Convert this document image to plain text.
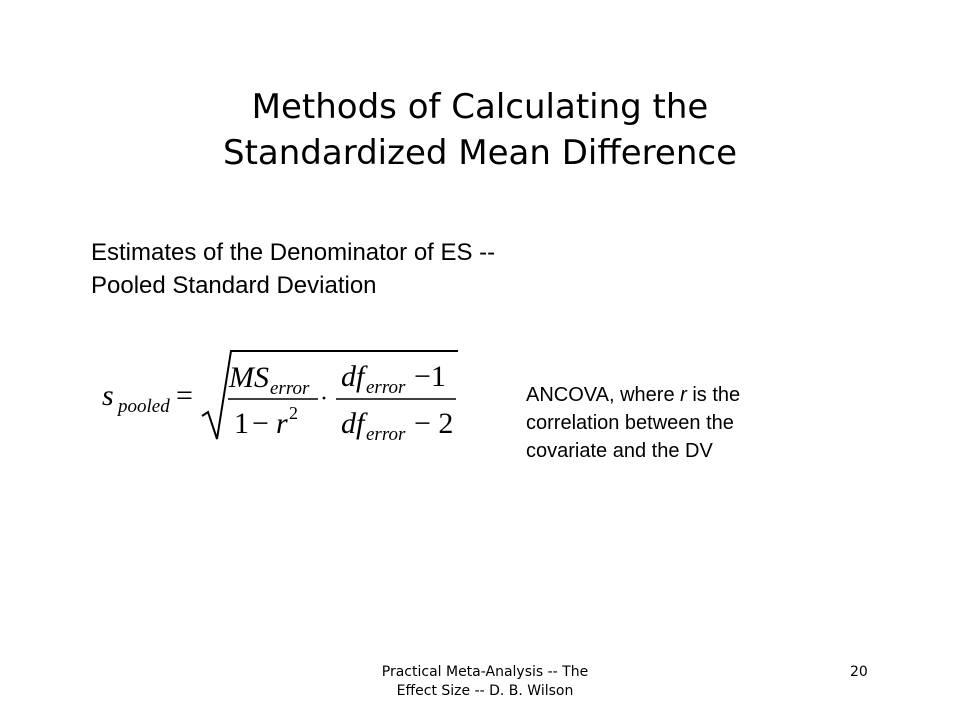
Methods of Calculating the
Standardized Mean Difference
Estimates of the Denominator of ES --
Pooled Standard Deviation
s pooled =
MS error
1 − r 2
·
df error −1
df error − 2
ANCOVA, where r is the
correlation between the
covariate and the DV
Practical Meta-Analysis -- The
Effect Size -- D. B. Wilson
20
